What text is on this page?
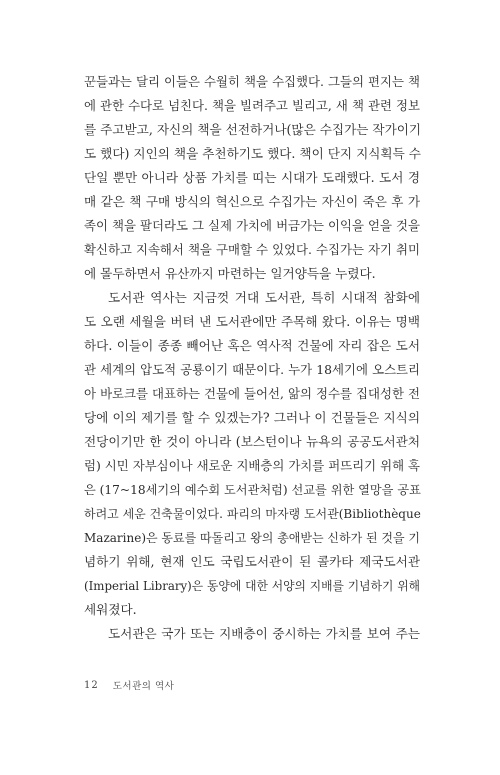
꾼들과는 달리 이들은 수월히 책을 수집했다. 그들의 편지는 책
에 관한 수다로 넘친다. 책을 빌려주고 빌리고, 새 책 관련 정보
를 주고받고, 자신의 책을 선전하거나(많은 수집가는 작가이기
도 했다) 지인의 책을 추천하기도 했다. 책이 단지 지식획득 수
단일 뿐만 아니라 상품 가치를 띠는 시대가 도래했다. 도서 경
매 같은 책 구매 방식의 혁신으로 수집가는 자신이 죽은 후 가
족이 책을 팔더라도 그 실제 가치에 버금가는 이익을 얻을 것을
확신하고 지속해서 책을 구매할 수 있었다. 수집가는 자기 취미
에 몰두하면서 유산까지 마련하는 일거양득을 누렸다.
도서관 역사는 지금껏 거대 도서관, 특히 시대적 참화에
도 오랜 세월을 버텨 낸 도서관에만 주목해 왔다. 이유는 명백
하다. 이들이 종종 빼어난 혹은 역사적 건물에 자리 잡은 도서
관 세계의 압도적 공룡이기 때문이다. 누가 18세기에 오스트리
아 바로크를 대표하는 건물에 들어선, 앎의 정수를 집대성한 전
당에 이의 제기를 할 수 있겠는가? 그러나 이 건물들은 지식의
전당이기만 한 것이 아니라 (보스턴이나 뉴욕의 공공도서관처
럼) 시민 자부심이나 새로운 지배층의 가치를 퍼뜨리기 위해 혹
은 (17~18세기의 예수회 도서관처럼) 선교를 위한 열망을 공표
하려고 세운 건축물이었다. 파리의 마자랭 도서관(Bibliothèque
Mazarine)은 동료를 따돌리고 왕의 총애받는 신하가 된 것을 기
념하기 위해, 현재 인도 국립도서관이 된 콜카타 제국도서관
(Imperial Library)은 동양에 대한 서양의 지배를 기념하기 위해
세워졌다.
도서관은 국가 또는 지배층이 중시하는 가치를 보여 주는
12 도서관의 역사
